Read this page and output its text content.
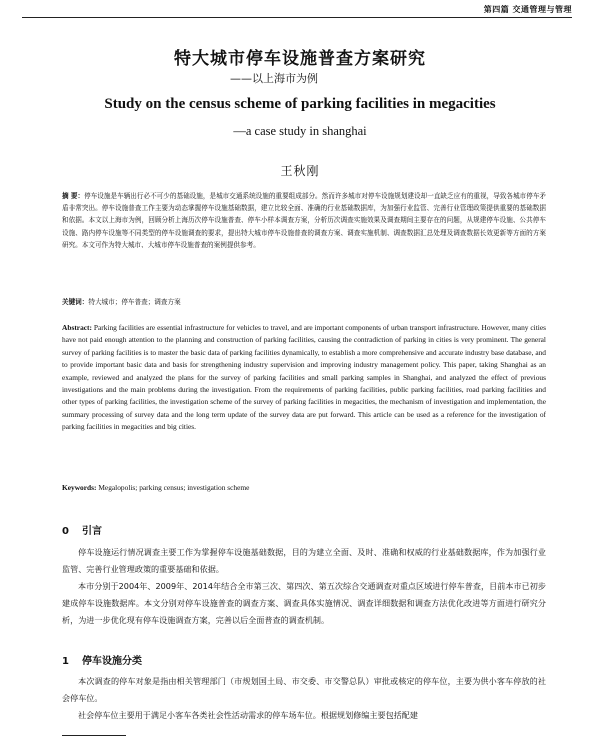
第四篇 交通管理与管理
特大城市停车设施普查方案研究
——以上海市为例
Study on the census scheme of parking facilities in megacities
—a case study in shanghai
王秋刚
摘 要：停车设施是车辆出行必不可少的基础设施，是城市交通系统设施的重要组成部分。然而许多城市对停车设施规划建设却一直缺乏应有的重视，导致各城市停车矛盾非常突出。停车设施普查工作主要为动态掌握停车设施基础数据，建立比较全面、准确的行业基础数据库，为加强行业监管、完善行业管理政策提供重要的基础数据和依据。本文以上海市为例，回顾分析上海历次停车设施普查、停车小样本调查方案，分析历次调查实施效果及调查期间主要存在的问题，从规建停车设施、公共停车设施、路内停车设施等不同类型的停车设施调查的要求，提出特大城市停车设施普查的调查方案、调查实施机制、调查数据汇总处理及调查数据长效更新等方面的方案研究。本文可作为特大城市、大城市停车设施普查的案例提供参考。
关键词：特大城市；停车普查；调查方案
Abstract: Parking facilities are essential infrastructure for vehicles to travel, and are important components of urban transport infrastructure. However, many cities have not paid enough attention to the planning and construction of parking facilities, causing the contradiction of parking in cities is very prominent. The general survey of parking facilities is to master the basic data of parking facilities dynamically, to establish a more comprehensive and accurate industry base database, and to provide important basic data and basis for strengthening industry supervision and improving industry management policy. This paper, taking Shanghai as an example, reviewed and analyzed the plans for the survey of parking facilities and small parking samples in Shanghai, and analyzed the effect of previous investigations and the main problems during the investigation. From the requirements of parking facilities, public parking facilities, road parking facilities and other types of parking facilities, the investigation scheme of the survey of parking facilities in megacities, the mechanism of investigation and implementation, the summary processing of survey data and the long term update of the survey data are put forward. This article can be used as a reference for the investigation of parking facilities in megacities and big cities.
Keywords: Megalopolis; parking census; investigation scheme
0 引言
停车设施运行情况调查主要工作为掌握停车设施基础数据，目的为建立全面、及时、准确和权威的行业基础数据库，作为加强行业监管、完善行业管理政策的重要基础和依据。
本市分别于2004年、2009年、2014年结合全市第三次、第四次、第五次综合交通调查对重点区域进行停车普查，目前本市已初步建成停车设施数据库。本文分别对停车设施普查的调查方案、调查具体实施情况、调查详细数据和调查方法优化改进等方面进行研究分析，为进一步优化现有停车设施调查方案，完善以后全面普查的调查机制。
1 停车设施分类
本次调查的停车对象是指由相关管理部门（市规划国土局、市交委、市交警总队）审批或核定的停车位，主要为供小客车停放的社会停车位。
社会停车位主要用于满足小客车各类社会性活动需求的停车场车位。根据规划修编主要包括配建
